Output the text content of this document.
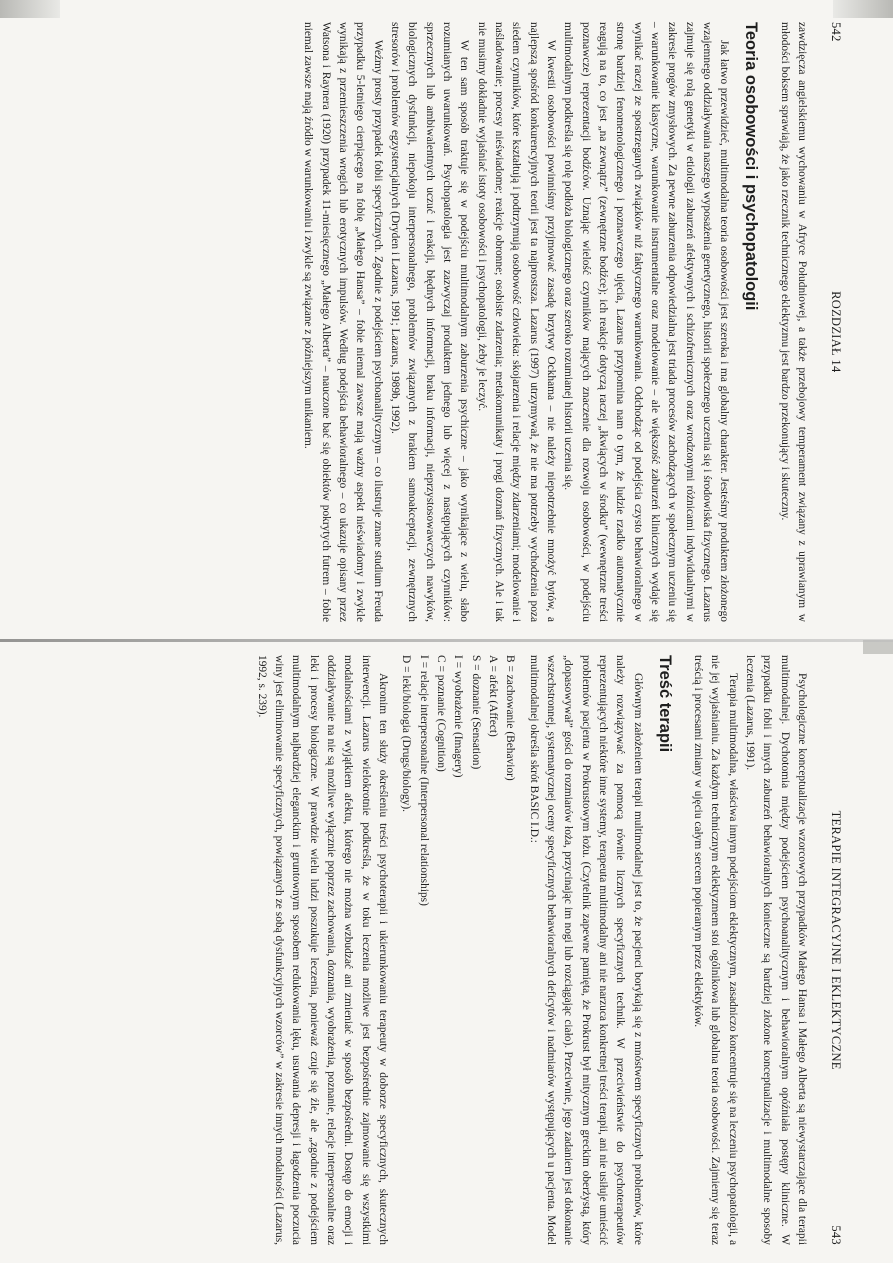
542
ROZDZIAŁ 14

zawdzięcza angielskiemu wychowaniu w Afryce Południowej, a także przebojowy temperament związany z uprawianym w młodości boksem sprawiają, że jako rzecznik technicznego eklektyzmu jest bardzo przekonujący i skuteczny.

Teoria osobowości i psychopatologii

Jak łatwo przewidzieć, multimodalna teoria osobowości jest szeroka i ma globalny charakter. Jesteśmy produktem złożonego wzajemnego oddziaływania naszego wyposażenia genetycznego, historii społecznego uczenia się i środowiska fizycznego. Lazarus zajmuje się rolą genetyki w etiologii zaburzeń afektywnych i schizofrenicznych oraz wrodzonymi różnicami indywidualnymi w zakresie progów zmysłowych. Za pewne zaburzenia odpowiedzialna jest triada procesów zachodzących w społecznym uczeniu się – warunkowanie klasyczne, warunkowanie instrumentalne oraz modelowanie – ale większość zaburzeń klinicznych wydaje się wynikać raczej ze spostrzeganych związków niż faktycznego warunkowania. Odchodząc od podejścia czysto behawioralnego w stronę bardziej fenomenologicznego i poznawczego ujęcia, Lazarus przypomina nam o tym, że ludzie rzadko automatycznie reagują na to, co jest „na zewnątrz” (zewnętrzne bodźce); ich reakcje dotyczą raczej „łkwiących w środku” (wewnętrzne treści poznawcze) reprezentacji bodźców. Uznając wielość czynników mających znaczenie dla rozwoju osobowości, w podejściu multimodalnym podkreśla się rolę podłoża biologicznego oraz szeroko rozumianej historii uczenia się.

W kwestii osobowości powinniśmy przyjmować zasadę brzytwy Ockhama – nie należy niepotrzebnie mnożyć bytów, a najlepszą spośród konkurencyjnych teorii jest ta najprostsza. Lazarus (1997) utrzymywał, że nie ma potrzeby wychodzenia poza siedem czynników, które kształtują i podtrzymują osobowość człowieka: skojarzenia i relacje między zdarzeniami; modelowanie i naśladowanie; procesy nieświadome; reakcje obronne; osobiste zdarzenia; metakomunikaty i progi doznań fizycznych. Ale i tak nie musimy dokładnie wyjaśniać istoty osobowości i psychopatologii, żeby je leczyć.

W ten sam sposób traktuje się w podejściu multimodalnym zaburzenia psychiczne – jako wynikające z wielu, słabo rozumianych uwarunkowań. Psychopatologia jest zazwyczaj produktem jednego lub więcej z następujących czynników: sprzecznych lub ambiwalentnych uczuć i reakcji, błędnych informacji, braku informacji, nieprzystosowawczych nawyków, biologicznych dysfunkcji, niepokoju interpersonalnego, problemów związanych z brakiem samoakceptacji, zewnętrznych stresorów i problemów egzystencjalnych (Dryden i Lazarus, 1991; Lazarus, 1989b, 1992).

Weźmy prosty przypadek fobii specyficznych. Zgodnie z podejściem psychoanalitycznym – co ilustruje znane studium Freuda przypadku 5-letniego cierpiącego na fobię „Małego Hansa” – fobie niemal zawsze mają ważny aspekt nieświadomy i zwykle wynikają z przemieszczenia wrogich lub erotycznych impulsów. Według podejścia behawioralnego – co ukazuje opisany przez Watsona i Raynera (1920) przypadek 11-miesięcznego „Małego Alberta” – nauczone bać się obiektów pokrytych futrem – fobie niemal zawsze mają źródło w warunkowaniu i zwykle są związane z późniejszym unikaniem.

TERAPIE INTEGRACYJNE I EKLEKTYCZNE
543

Psychologiczne konceptualizacje wzorcowych przypadków Małego Hansa i Małego Alberta są niewystarczające dla terapii multimodalnej. Dychotomia między podejściem psychoanalitycznym i behawioralnym opóźniała postępy kliniczne. W przypadku fobii i innych zaburzeń behawioralnych konieczne są bardziej złożone konceptualizacje i multimodalne sposoby leczenia (Lazarus, 1991).

Terapia multimodalna, właściwa innym podejściom eklektycznym, zasadniczo koncentruje się na leczeniu psychopatologii, a nie jej wyjaśnianiu. Za każdym technicznym eklektyzmem stoi ogólnikowa lub globalna teoria osobowości. Zajmiemy się teraz treścią i procesami zmiany w ujęciu całym sercem popieranym przez eklektyków.

Treść terapii

Głównym założeniem terapii multimodalnej jest to, że pacjenci borykają się z mnóstwem specyficznych problemów, które należy rozwiązywać za pomocą równie licznych specyficznych technik. W przeciwieństwie do psychoterapeutów reprezentujących niektóre inne systemy, terapeuta multimodalny ani nie narzuca konkretnej treści terapii, ani nie usiłuje umieścić problemów pacjenta w Prokrustowym łożu. (Czytelnik zapewne pamięta, że Prokrust był mitycznym greckim oberżystą, który „dopasowywał” gości do rozmiarów łoża, przycinając im nogi lub rozciągając ciało). Przeciwnie, jego zadaniem jest dokonanie wszechstronnej, systematycznej oceny specyficznych behawioralnych deficytów i nadmiarów występujących u pacjenta. Model multimodalnej określa skrót BASIC I.D.:

B = zachowanie (Behavior)
A = afekt (Affect)
S = doznanie (Sensation)
I = wyobrażenie (Imagery)
C = poznanie (Cognition)
I = relacje interpersonalne (Interpersonal relationships)
D = leki/biologia (Drugs/biology).

Akronim ten służy określeniu treści psychoterapii i ukierunkowaniu terapeuty w doborze specyficznych, skutecznych interwencji. Lazarus wielokrotnie podkreśla, że w toku leczenia możliwe jest bezpośrednie zajmowanie się wszystkimi modalnościami z wyjątkiem afektu, którego nie można wzbudzać ani zmieniać w sposób bezpośredni. Dostęp do emocji i oddziaływanie na nie są możliwe wyłącznie poprzez zachowania, doznania, wyobrażenia, poznanie, relacje interpersonalne oraz leki i procesy biologiczne. W prawdzie wielu ludzi poszukuje leczenia, ponieważ czuje się źle, ale „zgodnie z podejściem multimodalnym najbardziej eleganckim i gruntownym sposobem redukowania lęku, usuwania depresji i łagodzenia poczucia winy jest eliminowanie specyficznych, powiązanych ze sobą dysfunkcyjnych wzorców” w zakresie innych modalności (Lazarus, 1992, s. 239).
